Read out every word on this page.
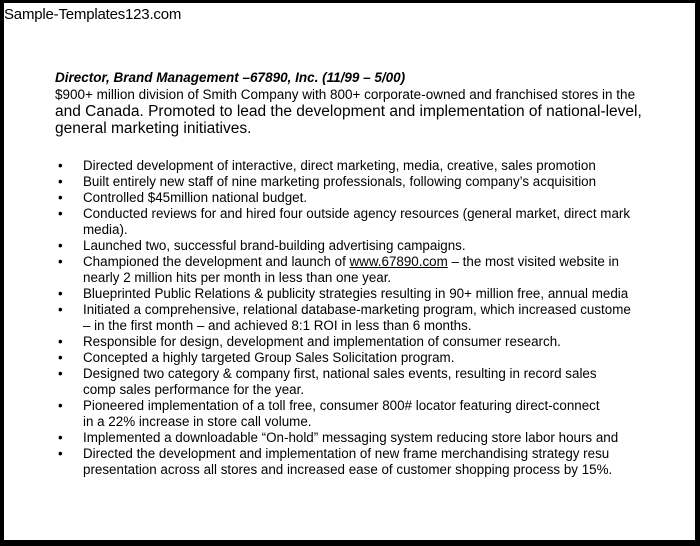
Sample-Templates123.com
Director, Brand Management –67890, Inc. (11/99 – 5/00)
$900+ million division of Smith Company with 800+ corporate-owned and franchised stores in the
and Canada. Promoted to lead the development and implementation of national-level,
general marketing initiatives.
• Directed development of interactive, direct marketing, media, creative, sales promotion
• Built entirely new staff of nine marketing professionals, following company’s acquisition
• Controlled $45million national budget.
• Conducted reviews for and hired four outside agency resources (general market, direct mark
media).
• Launched two, successful brand-building advertising campaigns.
• Championed the development and launch of www.67890.com – the most visited website in
nearly 2 million hits per month in less than one year.
• Blueprinted Public Relations & publicity strategies resulting in 90+ million free, annual media
• Initiated a comprehensive, relational database-marketing program, which increased custome
– in the first month – and achieved 8:1 ROI in less than 6 months.
• Responsible for design, development and implementation of consumer research.
• Concepted a highly targeted Group Sales Solicitation program.
• Designed two category & company first, national sales events, resulting in record sales
comp sales performance for the year.
• Pioneered implementation of a toll free, consumer 800# locator featuring direct-connect
in a 22% increase in store call volume.
• Implemented a downloadable “On-hold” messaging system reducing store labor hours and
• Directed the development and implementation of new frame merchandising strategy resu
presentation across all stores and increased ease of customer shopping process by 15%.
